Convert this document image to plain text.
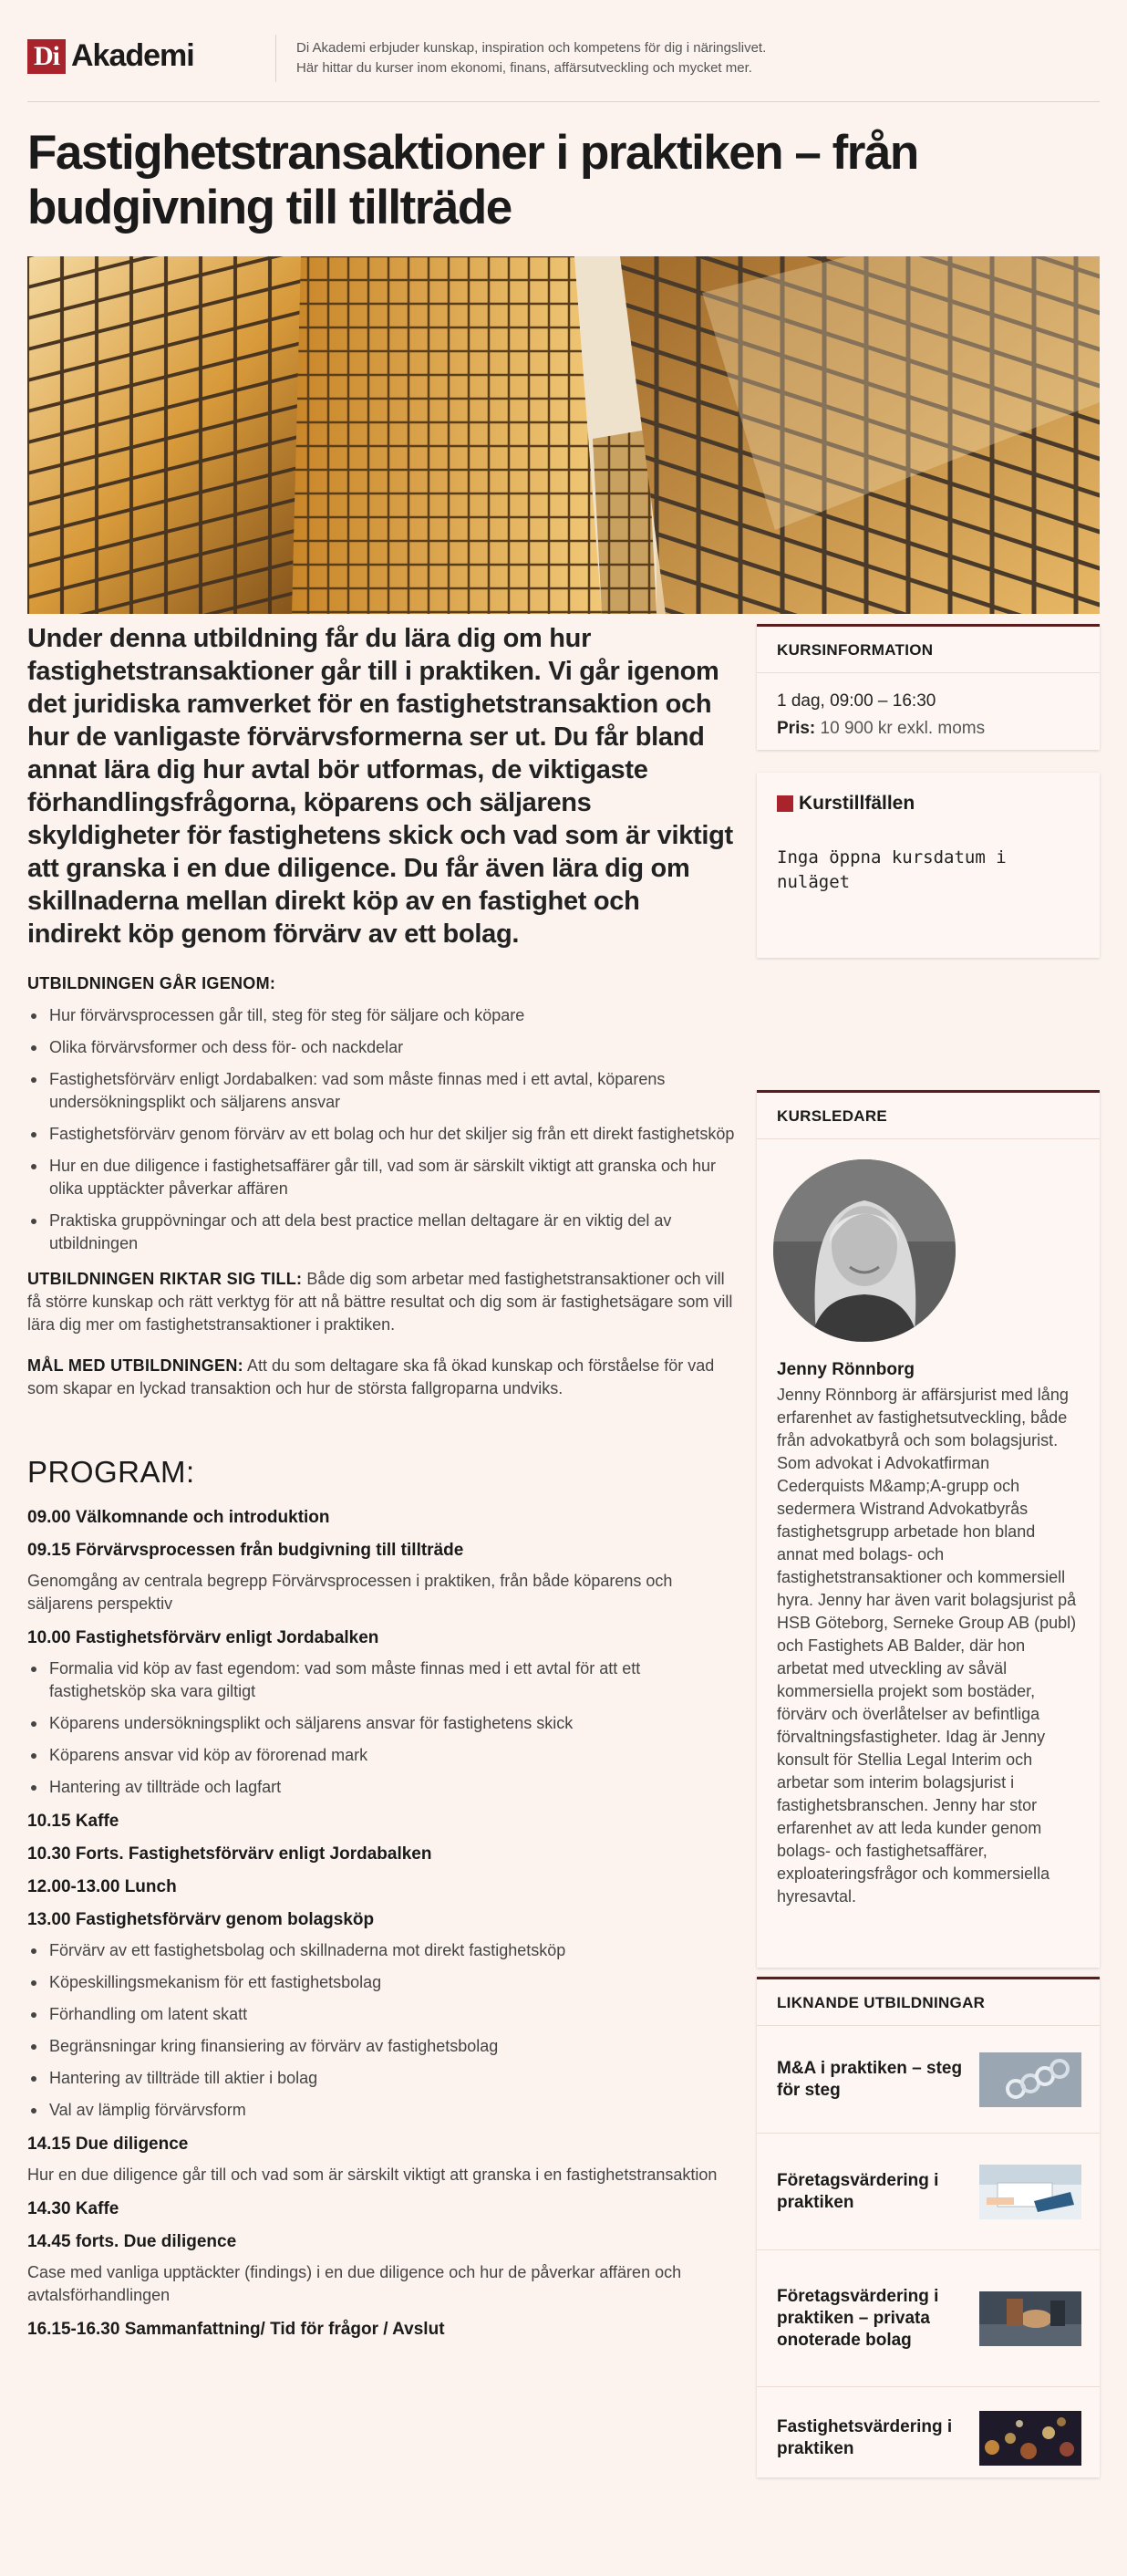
Di Akademi	Di Akademi erbjuder kunskap, inspiration och kompetens för dig i näringslivet.
Här hittar du kurser inom ekonomi, finans, affärsutveckling och mycket mer.
Fastighetstransaktioner i praktiken – från budgivning till tillträde

Under denna utbildning får du lära dig om hur fastighetstransaktioner går till i praktiken. Vi går igenom det juridiska ramverket för en fastighetstransaktion och hur de vanligaste förvärvsformerna ser ut. Du får bland annat lära dig hur avtal bör utformas, de viktigaste förhandlingsfrågorna, köparens och säljarens skyldigheter för fastighetens skick och vad som är viktigt att granska i en due diligence. Du får även lära dig om skillnaderna mellan direkt köp av en fastighet och indirekt köp genom förvärv av ett bolag.

UTBILDNINGEN GÅR IGENOM:
Hur förvärvsprocessen går till, steg för steg för säljare och köpare
Olika förvärvsformer och dess för- och nackdelar
Fastighetsförvärv enligt Jordabalken: vad som måste finnas med i ett avtal, köparens undersökningsplikt och säljarens ansvar
Fastighetsförvärv genom förvärv av ett bolag och hur det skiljer sig från ett direkt fastighetsköp
Hur en due diligence i fastighetsaffärer går till, vad som är särskilt viktigt att granska och hur olika upptäckter påverkar affären
Praktiska gruppövningar och att dela best practice mellan deltagare är en viktig del av utbildningen

UTBILDNINGEN RIKTAR SIG TILL: Både dig som arbetar med fastighetstransaktioner och vill få större kunskap och rätt verktyg för att nå bättre resultat och dig som är fastighetsägare som vill lära dig mer om fastighetstransaktioner i praktiken.

MÅL MED UTBILDNINGEN: Att du som deltagare ska få ökad kunskap och förståelse för vad som skapar en lyckad transaktion och hur de största fallgroparna undviks.

PROGRAM:
09.00 Välkomnande och introduktion
09.15 Förvärvsprocessen från budgivning till tillträde
Genomgång av centrala begrepp Förvärvsprocessen i praktiken, från både köparens och säljarens perspektiv
10.00 Fastighetsförvärv enligt Jordabalken
Formalia vid köp av fast egendom: vad som måste finnas med i ett avtal för att ett fastighetsköp ska vara giltigt
Köparens undersökningsplikt och säljarens ansvar för fastighetens skick
Köparens ansvar vid köp av förorenad mark
Hantering av tillträde och lagfart
10.15 Kaffe
10.30 Forts. Fastighetsförvärv enligt Jordabalken
12.00-13.00 Lunch
13.00 Fastighetsförvärv genom bolagsköp
Förvärv av ett fastighetsbolag och skillnaderna mot direkt fastighetsköp
Köpeskillingsmekanism för ett fastighetsbolag
Förhandling om latent skatt
Begränsningar kring finansiering av förvärv av fastighetsbolag
Hantering av tillträde till aktier i bolag
Val av lämplig förvärvsform
14.15 Due diligence
Hur en due diligence går till och vad som är särskilt viktigt att granska i en fastighetstransaktion
14.30 Kaffe
14.45 forts. Due diligence
Case med vanliga upptäckter (findings) i en due diligence och hur de påverkar affären och avtalsförhandlingen
16.15-16.30 Sammanfattning/ Tid för frågor / Avslut
KURSINFORMATION
1 dag, 09:00 – 16:30
Pris: 10 900 kr exkl. moms
Kurstillfällen
Inga öppna kursdatum i nuläget
KURSLEDARE
Jenny Rönnborg
Jenny Rönnborg är affärsjurist med lång erfarenhet av fastighetsutveckling, både från advokatbyrå och som bolagsjurist. Som advokat i Advokatfirman Cederquists M&amp;A-grupp och sedermera Wistrand Advokatbyrås fastighetsgrupp arbetade hon bland annat med bolags- och fastighetstransaktioner och kommersiell hyra. Jenny har även varit bolagsjurist på HSB Göteborg, Serneke Group AB (publ) och Fastighets AB Balder, där hon arbetat med utveckling av såväl kommersiella projekt som bostäder, förvärv och överlåtelser av befintliga förvaltningsfastigheter. Idag är Jenny konsult för Stellia Legal Interim och arbetar som interim bolagsjurist i fastighetsbranschen. Jenny har stor erfarenhet av att leda kunder genom bolags- och fastighetsaffärer, exploateringsfrågor och kommersiella hyresavtal.
LIKNANDE UTBILDNINGAR
M&A i praktiken – steg för steg
Företagsvärdering i praktiken
Företagsvärdering i praktiken – privata onoterade bolag
Fastighetsvärdering i praktiken
